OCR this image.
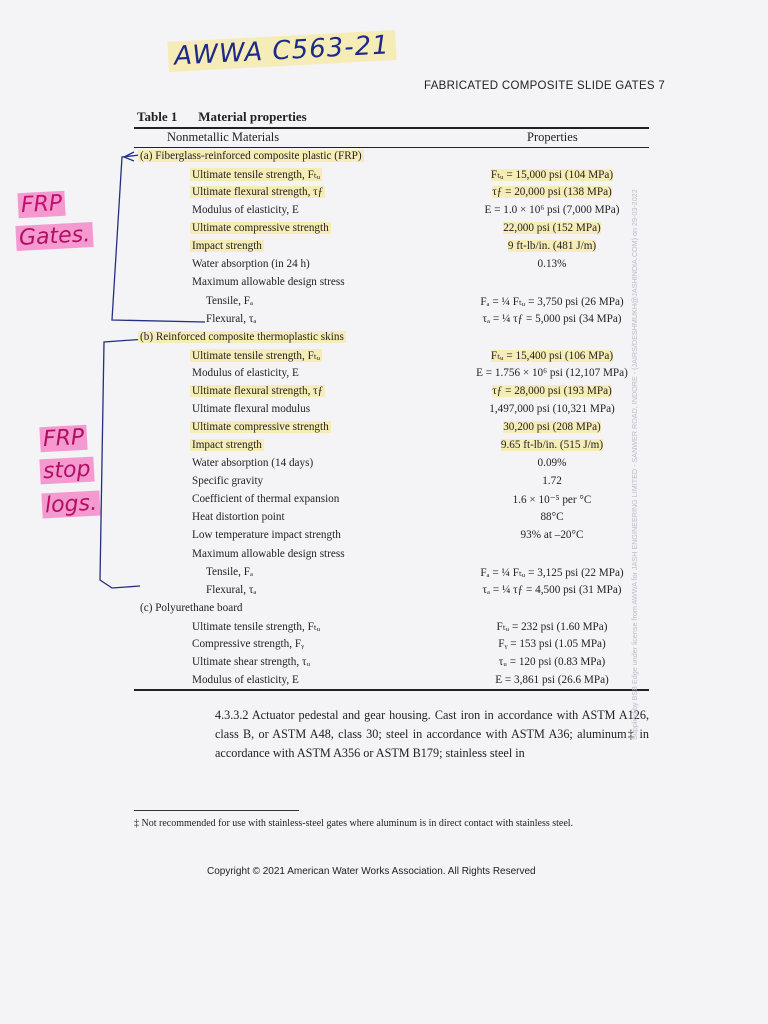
AWWA C563-21
FRP
Gates.
FRP
stop
logs.
FABRICATED COMPOSITE SLIDE GATES 7
Table 1 Material properties
Nonmetallic Materials	Properties
(a) Fiberglass-reinforced composite plastic (FRP)
Ultimate tensile strength, Fₜᵤ	Fₜᵤ = 15,000 psi (104 MPa)
Ultimate flexural strength, τƒ	τƒ = 20,000 psi (138 MPa)
Modulus of elasticity, E	E = 1.0 × 10⁶ psi (7,000 MPa)
Ultimate compressive strength	22,000 psi (152 MPa)
Impact strength	9 ft-lb/in. (481 J/m)
Water absorption (in 24 h)	0.13%
Maximum allowable design stress
Tensile, Fₐ	Fₐ = ¼ Fₜᵤ = 3,750 psi (26 MPa)
Flexural, τₐ	τₐ = ¼ τƒ = 5,000 psi (34 MPa)
(b) Reinforced composite thermoplastic skins
Ultimate tensile strength, Fₜᵤ	Fₜᵤ = 15,400 psi (106 MPa)
Modulus of elasticity, E	E = 1.756 × 10⁶ psi (12,107 MPa)
Ultimate flexural strength, τƒ	τƒ = 28,000 psi (193 MPa)
Ultimate flexural modulus	1,497,000 psi (10,321 MPa)
Ultimate compressive strength	30,200 psi (208 MPa)
Impact strength	9.65 ft-lb/in. (515 J/m)
Water absorption (14 days)	0.09%
Specific gravity	1.72
Coefficient of thermal expansion	1.6 × 10⁻⁵ per °C
Heat distortion point	88°C
Low temperature impact strength	93% at –20°C
Maximum allowable design stress
Tensile, Fₐ	Fₐ = ¼ Fₜᵤ = 3,125 psi (22 MPa)
Flexural, τₐ	τₐ = ¼ τƒ = 4,500 psi (31 MPa)
(c) Polyurethane board
Ultimate tensile strength, Fₜᵤ	Fₜᵤ = 232 psi (1.60 MPa)
Compressive strength, Fᵧ	Fᵧ = 153 psi (1.05 MPa)
Ultimate shear strength, τᵤ	τᵤ = 120 psi (0.83 MPa)
Modulus of elasticity, E	E = 3,861 psi (26.6 MPa)
4.3.3.2 Actuator pedestal and gear housing. Cast iron in accordance with ASTM A126, class B, or ASTM A48, class 30; steel in accordance with ASTM A36; aluminum‡ in accordance with ASTM A356 or ASTM B179; stainless steel in
‡ Not recommended for use with stainless-steel gates where aluminum is in direct contact with stainless steel.
Copyright © 2021 American Water Works Association. All Rights Reserved
Supplied by BSB Edge under license from AWWA for JASH ENGINEERING LIMITED - SANWER ROAD, INDORE - (JAIRS/DESHMUKH@JASHINDIA.COM) on 29-03-2022
